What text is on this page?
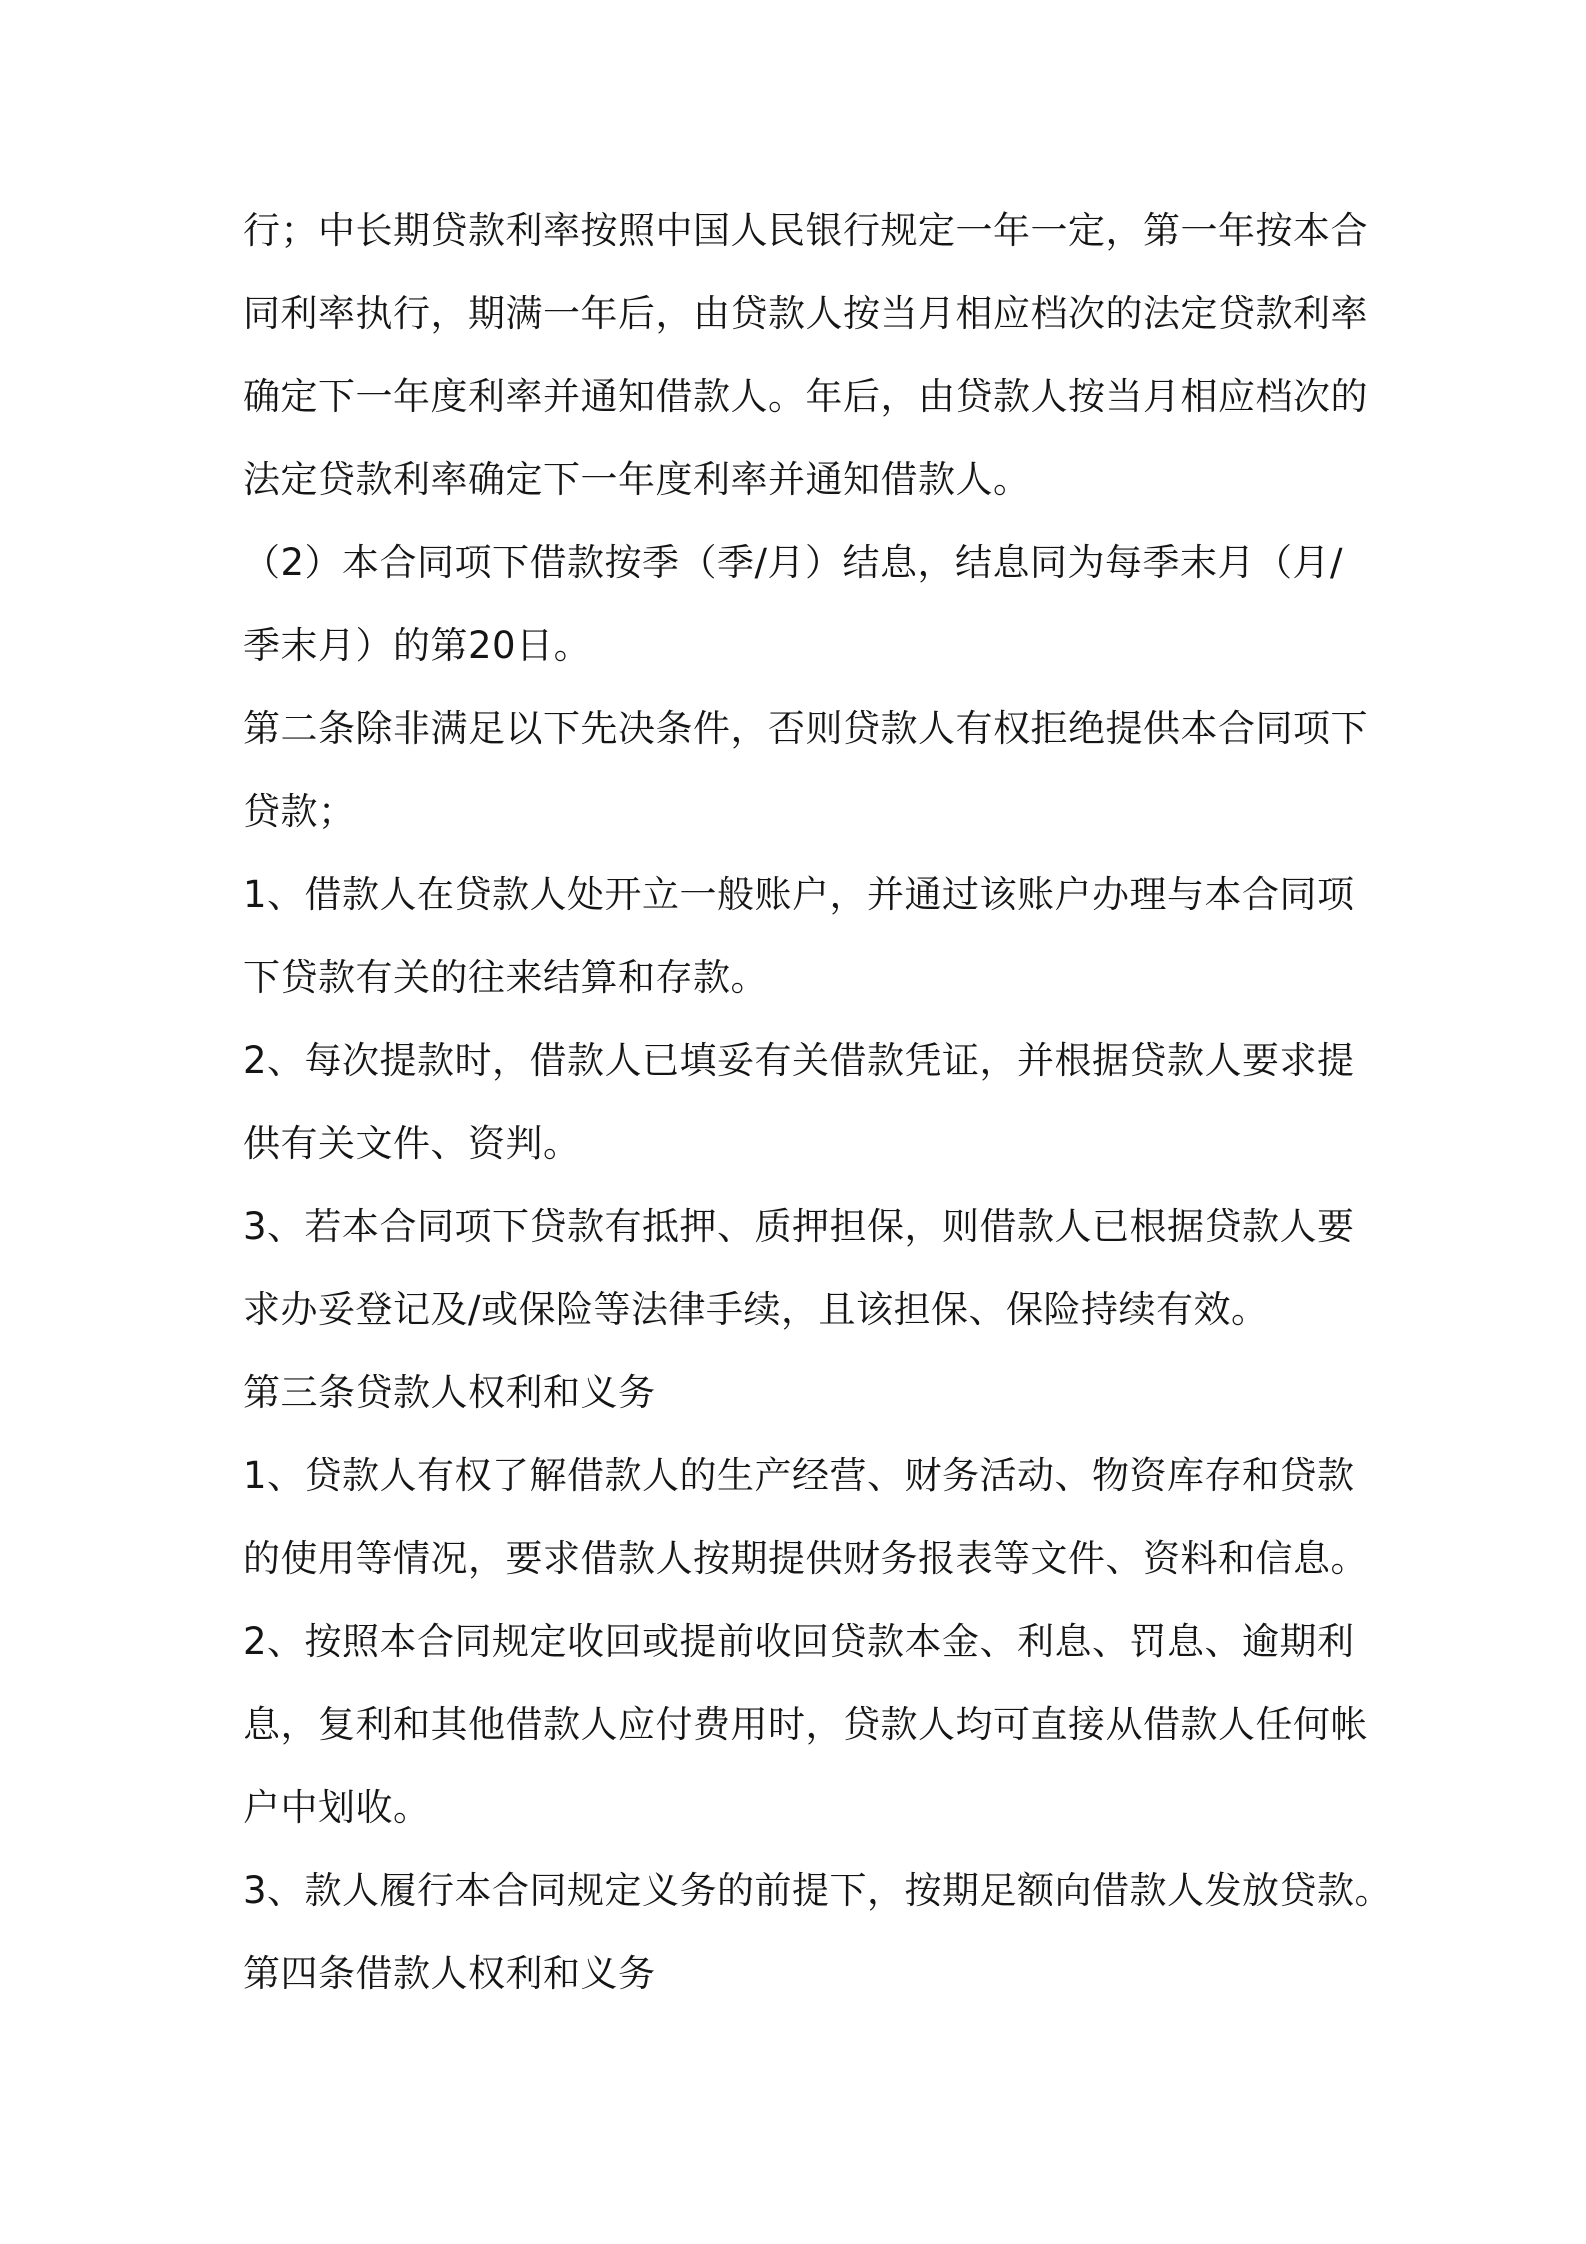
行；中长期贷款利率按照中国人民银行规定一年一定，第一年按本合
同利率执行，期满一年后，由贷款人按当月相应档次的法定贷款利率
确定下一年度利率并通知借款人。年后，由贷款人按当月相应档次的
法定贷款利率确定下一年度利率并通知借款人。
（2）本合同项下借款按季（季/月）结息，结息同为每季末月（月/
季末月）的第20日。
第二条除非满足以下先决条件，否则贷款人有权拒绝提供本合同项下
贷款；
1、借款人在贷款人处开立一般账户，并通过该账户办理与本合同项
下贷款有关的往来结算和存款。
2、每次提款时，借款人已填妥有关借款凭证，并根据贷款人要求提
供有关文件、资判。
3、若本合同项下贷款有抵押、质押担保，则借款人已根据贷款人要
求办妥登记及/或保险等法律手续，且该担保、保险持续有效。
第三条贷款人权利和义务
1、贷款人有权了解借款人的生产经营、财务活动、物资库存和贷款
的使用等情况，要求借款人按期提供财务报表等文件、资料和信息。
2、按照本合同规定收回或提前收回贷款本金、利息、罚息、逾期利
息，复利和其他借款人应付费用时，贷款人均可直接从借款人任何帐
户中划收。
3、款人履行本合同规定义务的前提下，按期足额向借款人发放贷款。
第四条借款人权利和义务
